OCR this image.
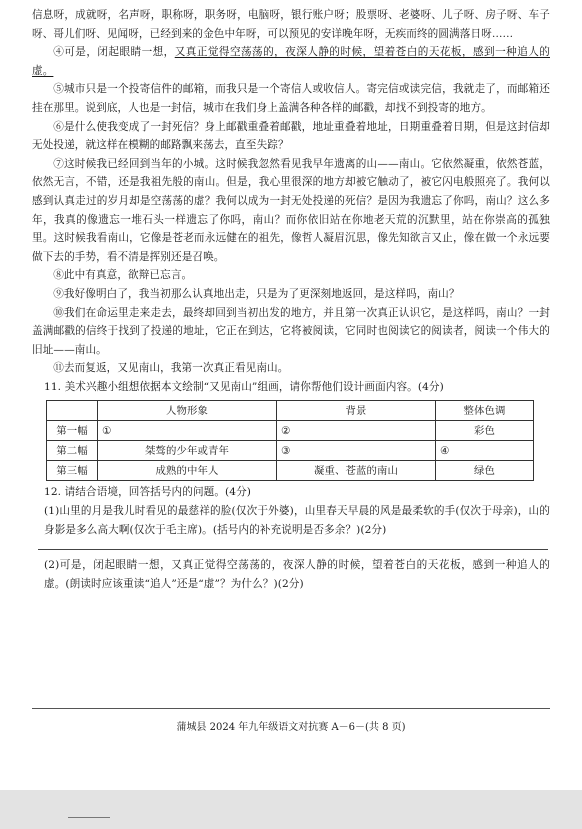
信息呀，成就呀，名声呀，职称呀，职务呀，电脑呀，银行账户呀；股票呀、老婆呀、儿子呀、房子呀、车子呀、哥儿们呀、见闻呀，已经到来的金色中年呀，可以预见的安详晚年呀，无疾而终的圆满落日呀……

④可是，闭起眼睛一想，又真正觉得空荡荡的，夜深人静的时候，望着苍白的天花板，感到一种追人的虚。

⑤城市只是一个投寄信件的邮箱，而我只是一个寄信人或收信人。寄完信或读完信，我就走了，而邮箱还挂在那里。说到底，人也是一封信，城市在我们身上盖满各种各样的邮戳，却找不到投寄的地方。

⑥是什么使我变成了一封死信？身上邮戳重叠着邮戳，地址重叠着地址，日期重叠着日期，但是这封信却无处投递，就这样在模糊的邮路飘来荡去，直至失踪？

⑦这时候我已经回到当年的小城。这时候我忽然看见我早年遗离的山——南山。它依然凝重，依然苍蓝，依然无言，不错，还是我祖先般的南山。但是，我心里很深的地方却被它触动了，被它闪电般照亮了。我何以感到认真走过的岁月却是空荡荡的虚？我何以成为一封无处投递的死信？是因为我遗忘了你吗，南山？这么多年，我真的像遗忘一堆石头一样遗忘了你吗，南山？而你依旧站在你地老天荒的沉默里，站在你崇高的孤独里。这时候我看南山，它像是苍老而永远健在的祖先，像哲人凝眉沉思，像先知欲言又止，像在做一个永远要做下去的手势，看不清是挥别还是召唤。

⑧此中有真意，欲辩已忘言。

⑨我好像明白了，我当初那么认真地出走，只是为了更深刻地返回，是这样吗，南山？

⑩我们在命运里走来走去，最终却回到当初出发的地方，并且第一次真正认识它，是这样吗，南山？一封盖满邮戳的信终于找到了投递的地址，它正在到达，它将被阅读，它同时也阅读它的阅读者，阅读一个伟大的旧址——南山。

⑪去而复返，又见南山，我第一次真正看见南山。

11. 美术兴趣小组想依据本文绘制“又见南山”组画，请你帮他们设计画面内容。(4分)

	人物形象	背景	整体色调
第一幅	①	②	彩色
第二幅	桀骜的少年或青年	③	④
第三幅	成熟的中年人	凝重、苍蓝的南山	绿色

12. 请结合语境，回答括号内的问题。(4分)

(1)山里的月是我儿时看见的最慈祥的脸(仅次于外婆)，山里春天早晨的风是最柔软的手(仅次于母亲)，山的身影是多么高大啊(仅次于毛主席)。(括号内的补充说明是否多余？)(2分)

(2)可是，闭起眼睛一想，又真正觉得空荡荡的，夜深人静的时候，望着苍白的天花板，感到一种追人的虚。(朗读时应该重读“追人”还是“虚”？为什么？)(2分)

蒲城县 2024 年九年级语文对抗赛 A－6－(共 8 页)
